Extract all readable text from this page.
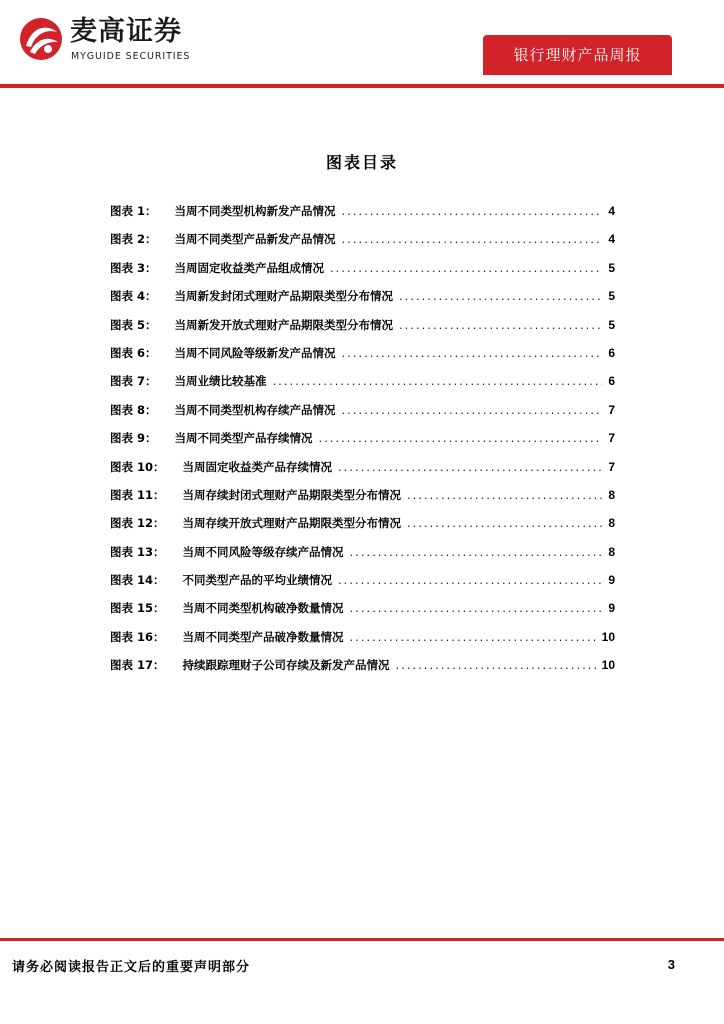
麦高证券
MYGUIDE SECURITIES	银行理财产品周报
图表目录
图表 1：	当周不同类型机构新发产品情况 .....	4
图表 2：	当周不同类型产品新发产品情况 .....	4
图表 3：	当周固定收益类产品组成情况 .....	5
图表 4：	当周新发封闭式理财产品期限类型分布情况 .....	5
图表 5：	当周新发开放式理财产品期限类型分布情况 .....	5
图表 6：	当周不同风险等级新发产品情况 .....	6
图表 7：	当周业绩比较基准 .....	6
图表 8：	当周不同类型机构存续产品情况 .....	7
图表 9：	当周不同类型产品存续情况 .....	7
图表 10：	当周固定收益类产品存续情况 .....	7
图表 11：	当周存续封闭式理财产品期限类型分布情况 .....	8
图表 12：	当周存续开放式理财产品期限类型分布情况 .....	8
图表 13：	当周不同风险等级存续产品情况 .....	8
图表 14：	不同类型产品的平均业绩情况 .....	9
图表 15：	当周不同类型机构破净数量情况 .....	9
图表 16：	当周不同类型产品破净数量情况 .....	10
图表 17：	持续跟踪理财子公司存续及新发产品情况 .....	10
请务必阅读报告正文后的重要声明部分	3
